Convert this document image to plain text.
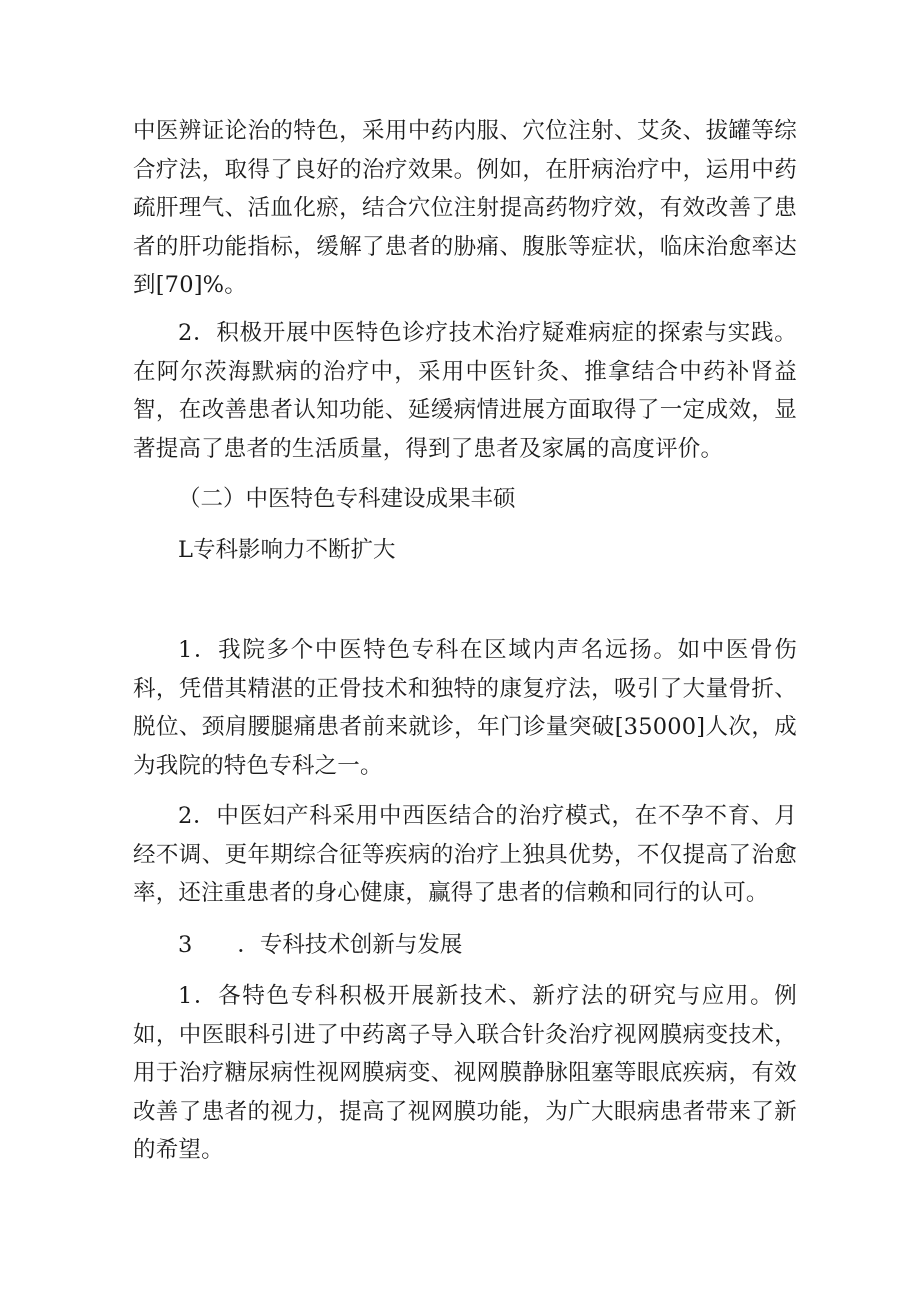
中医辨证论治的特色，采用中药内服、穴位注射、艾灸、拔罐等综合疗法，取得了良好的治疗效果。例如，在肝病治疗中，运用中药疏肝理气、活血化瘀，结合穴位注射提高药物疗效，有效改善了患者的肝功能指标，缓解了患者的胁痛、腹胀等症状，临床治愈率达到[70]%。
2．积极开展中医特色诊疗技术治疗疑难病症的探索与实践。在阿尔茨海默病的治疗中，采用中医针灸、推拿结合中药补肾益智，在改善患者认知功能、延缓病情进展方面取得了一定成效，显著提高了患者的生活质量，得到了患者及家属的高度评价。
（二）中医特色专科建设成果丰硕
L专科影响力不断扩大
1．我院多个中医特色专科在区域内声名远扬。如中医骨伤科，凭借其精湛的正骨技术和独特的康复疗法，吸引了大量骨折、脱位、颈肩腰腿痛患者前来就诊，年门诊量突破[35000]人次，成为我院的特色专科之一。
2．中医妇产科采用中西医结合的治疗模式，在不孕不育、月经不调、更年期综合征等疾病的治疗上独具优势，不仅提高了治愈率，还注重患者的身心健康，赢得了患者的信赖和同行的认可。
3　　．专科技术创新与发展
1．各特色专科积极开展新技术、新疗法的研究与应用。例如，中医眼科引进了中药离子导入联合针灸治疗视网膜病变技术，用于治疗糖尿病性视网膜病变、视网膜静脉阻塞等眼底疾病，有效改善了患者的视力，提高了视网膜功能，为广大眼病患者带来了新的希望。
